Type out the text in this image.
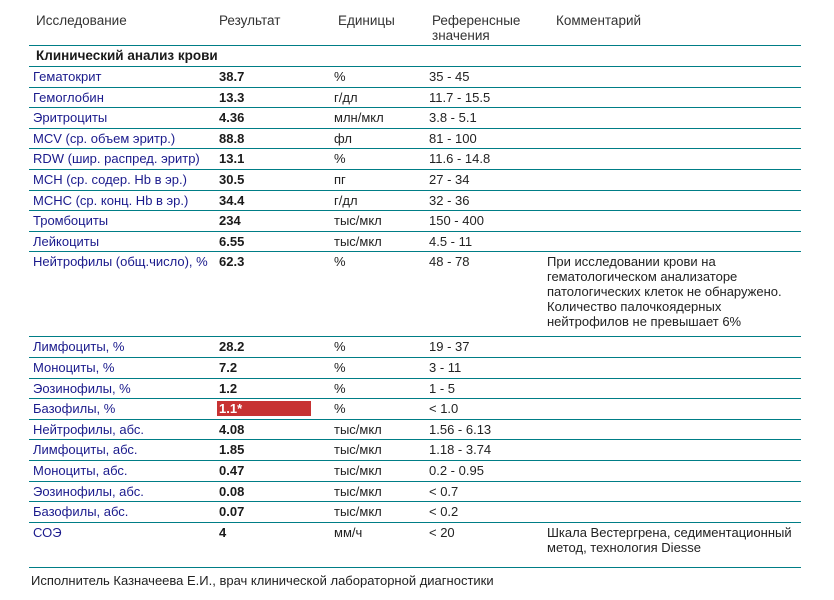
Исследование	Результат	Единицы	Референсные
значения
Комментарий
Клинический анализ крови
Гематокрит	38.7	%	35 - 45
Гемоглобин	13.3	г/дл	11.7 - 15.5
Эритроциты	4.36	млн/мкл	3.8 - 5.1
MCV (ср. объем эритр.)	88.8	фл	81 - 100
RDW (шир. распред. эритр)	13.1	%	11.6 - 14.8
MCH (ср. содер. Hb в эр.)	30.5	пг	27 - 34
MCHC (ср. конц. Hb в эр.)	34.4	г/дл	32 - 36
Тромбоциты	234	тыс/мкл	150 - 400
Лейкоциты	6.55	тыс/мкл	4.5 - 11
Нейтрофилы (общ.число), % 62.3	%	48 - 78	При исследовании крови на гематологическом анализаторе патологических клеток не обнаружено. Количество палочкоядерных нейтрофилов не превышает 6%
Лимфоциты, %	28.2	%	19 - 37
Моноциты, %	7.2	%	3 - 11
Эозинофилы, %	1.2	%	1 - 5
Базофилы, %	1.1*	%	< 1.0
Нейтрофилы, абс.	4.08	тыс/мкл	1.56 - 6.13
Лимфоциты, абс.	1.85	тыс/мкл	1.18 - 3.74
Моноциты, абс.	0.47	тыс/мкл	0.2 - 0.95
Эозинофилы, абс.	0.08	тыс/мкл	< 0.7
Базофилы, абс.	0.07	тыс/мкл	< 0.2
СОЭ	4	мм/ч	< 20	Шкала Вестергрена, седиментационный метод, технология Diesse
Исполнитель Казначеева Е.И., врач клинической лабораторной диагностики
